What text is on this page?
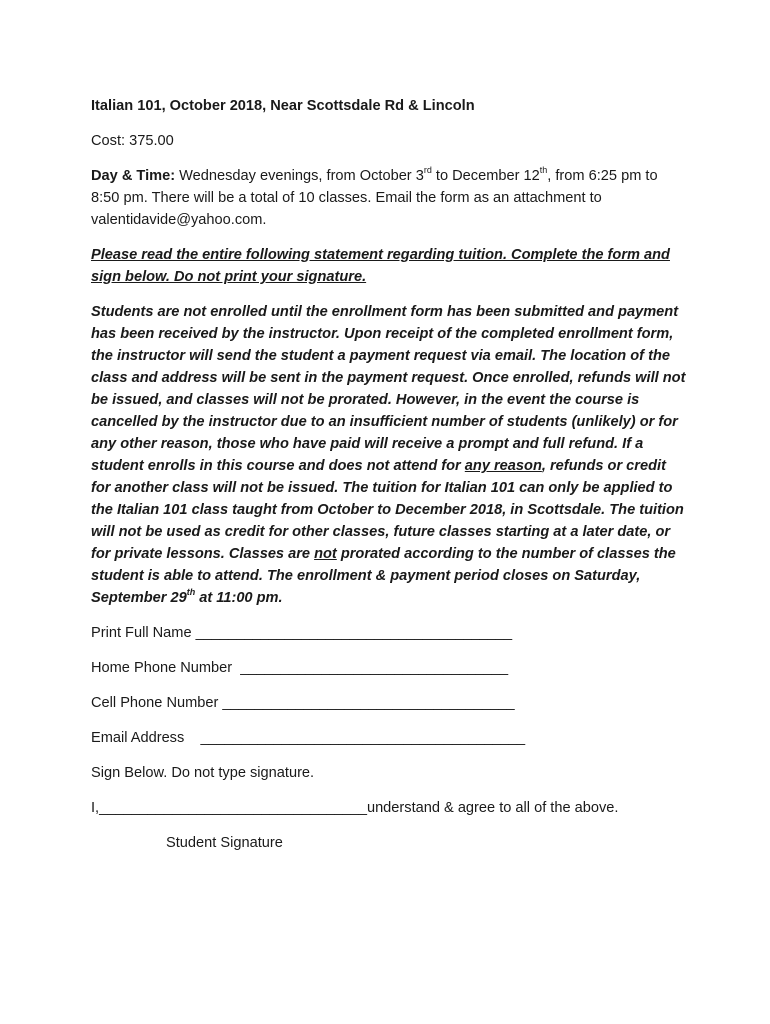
Italian 101, October 2018, Near Scottsdale Rd & Lincoln
Cost: 375.00
Day & Time: Wednesday evenings, from October 3rd to December 12th, from 6:25 pm to 8:50 pm. There will be a total of 10 classes. Email the form as an attachment to valentidavide@yahoo.com.
Please read the entire following statement regarding tuition. Complete the form and sign below. Do not print your signature.
Students are not enrolled until the enrollment form has been submitted and payment has been received by the instructor. Upon receipt of the completed enrollment form, the instructor will send the student a payment request via email. The location of the class and address will be sent in the payment request. Once enrolled, refunds will not be issued, and classes will not be prorated. However, in the event the course is cancelled by the instructor due to an insufficient number of students (unlikely) or for any other reason, those who have paid will receive a prompt and full refund. If a student enrolls in this course and does not attend for any reason, refunds or credit for another class will not be issued. The tuition for Italian 101 can only be applied to the Italian 101 class taught from October to December 2018, in Scottsdale. The tuition will not be used as credit for other classes, future classes starting at a later date, or for private lessons. Classes are not prorated according to the number of classes the student is able to attend. The enrollment & payment period closes on Saturday, September 29th at 11:00 pm.
Print Full Name _______________________________________
Home Phone Number  _________________________________
Cell Phone Number ____________________________________
Email Address    ________________________________________
Sign Below. Do not type signature.
I,_________________________________understand & agree to all of the above.
Student Signature
